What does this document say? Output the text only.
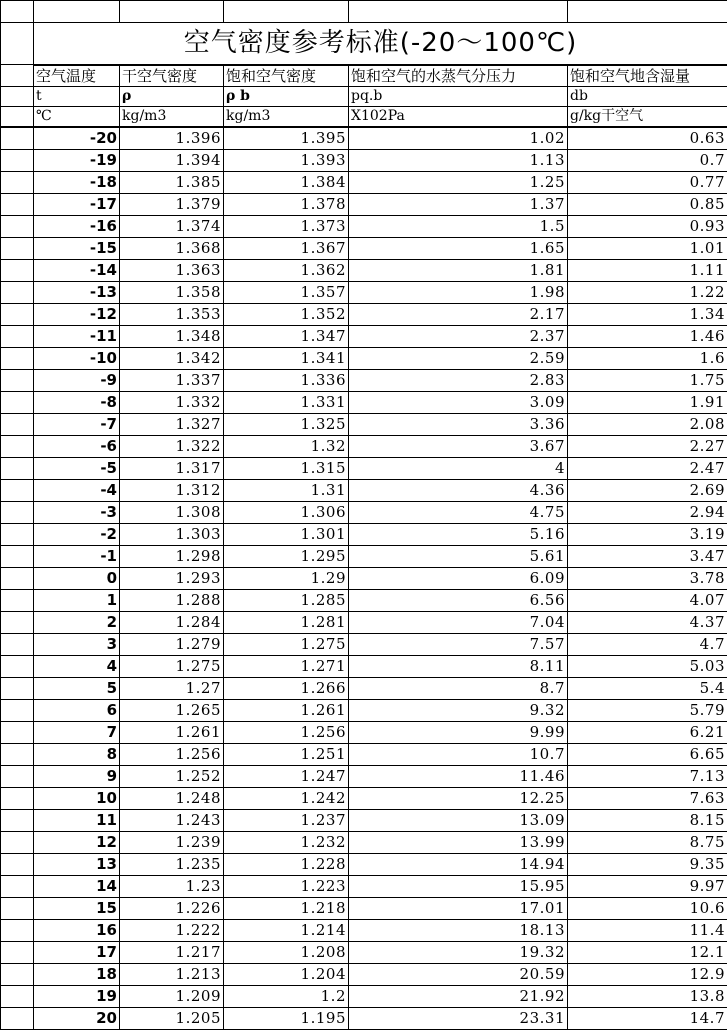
	空气密度参考标准(-20～100℃)				
	空气温度	干空气密度	饱和空气密度	饱和空气的水蒸气分压力	饱和空气地含湿量
	t	ρ	ρ b	pq.b	db
	℃	kg/m3	kg/m3	X102Pa	g/kg干空气
	-20	1.396	1.395	1.02	0.63
	-19	1.394	1.393	1.13	0.7
	-18	1.385	1.384	1.25	0.77
	-17	1.379	1.378	1.37	0.85
	-16	1.374	1.373	1.5	0.93
	-15	1.368	1.367	1.65	1.01
	-14	1.363	1.362	1.81	1.11
	-13	1.358	1.357	1.98	1.22
	-12	1.353	1.352	2.17	1.34
	-11	1.348	1.347	2.37	1.46
	-10	1.342	1.341	2.59	1.6
	-9	1.337	1.336	2.83	1.75
	-8	1.332	1.331	3.09	1.91
	-7	1.327	1.325	3.36	2.08
	-6	1.322	1.32	3.67	2.27
	-5	1.317	1.315	4	2.47
	-4	1.312	1.31	4.36	2.69
	-3	1.308	1.306	4.75	2.94
	-2	1.303	1.301	5.16	3.19
	-1	1.298	1.295	5.61	3.47
	0	1.293	1.29	6.09	3.78
	1	1.288	1.285	6.56	4.07
	2	1.284	1.281	7.04	4.37
	3	1.279	1.275	7.57	4.7
	4	1.275	1.271	8.11	5.03
	5	1.27	1.266	8.7	5.4
	6	1.265	1.261	9.32	5.79
	7	1.261	1.256	9.99	6.21
	8	1.256	1.251	10.7	6.65
	9	1.252	1.247	11.46	7.13
	10	1.248	1.242	12.25	7.63
	11	1.243	1.237	13.09	8.15
	12	1.239	1.232	13.99	8.75
	13	1.235	1.228	14.94	9.35
	14	1.23	1.223	15.95	9.97
	15	1.226	1.218	17.01	10.6
	16	1.222	1.214	18.13	11.4
	17	1.217	1.208	19.32	12.1
	18	1.213	1.204	20.59	12.9
	19	1.209	1.2	21.92	13.8
	20	1.205	1.195	23.31	14.7
